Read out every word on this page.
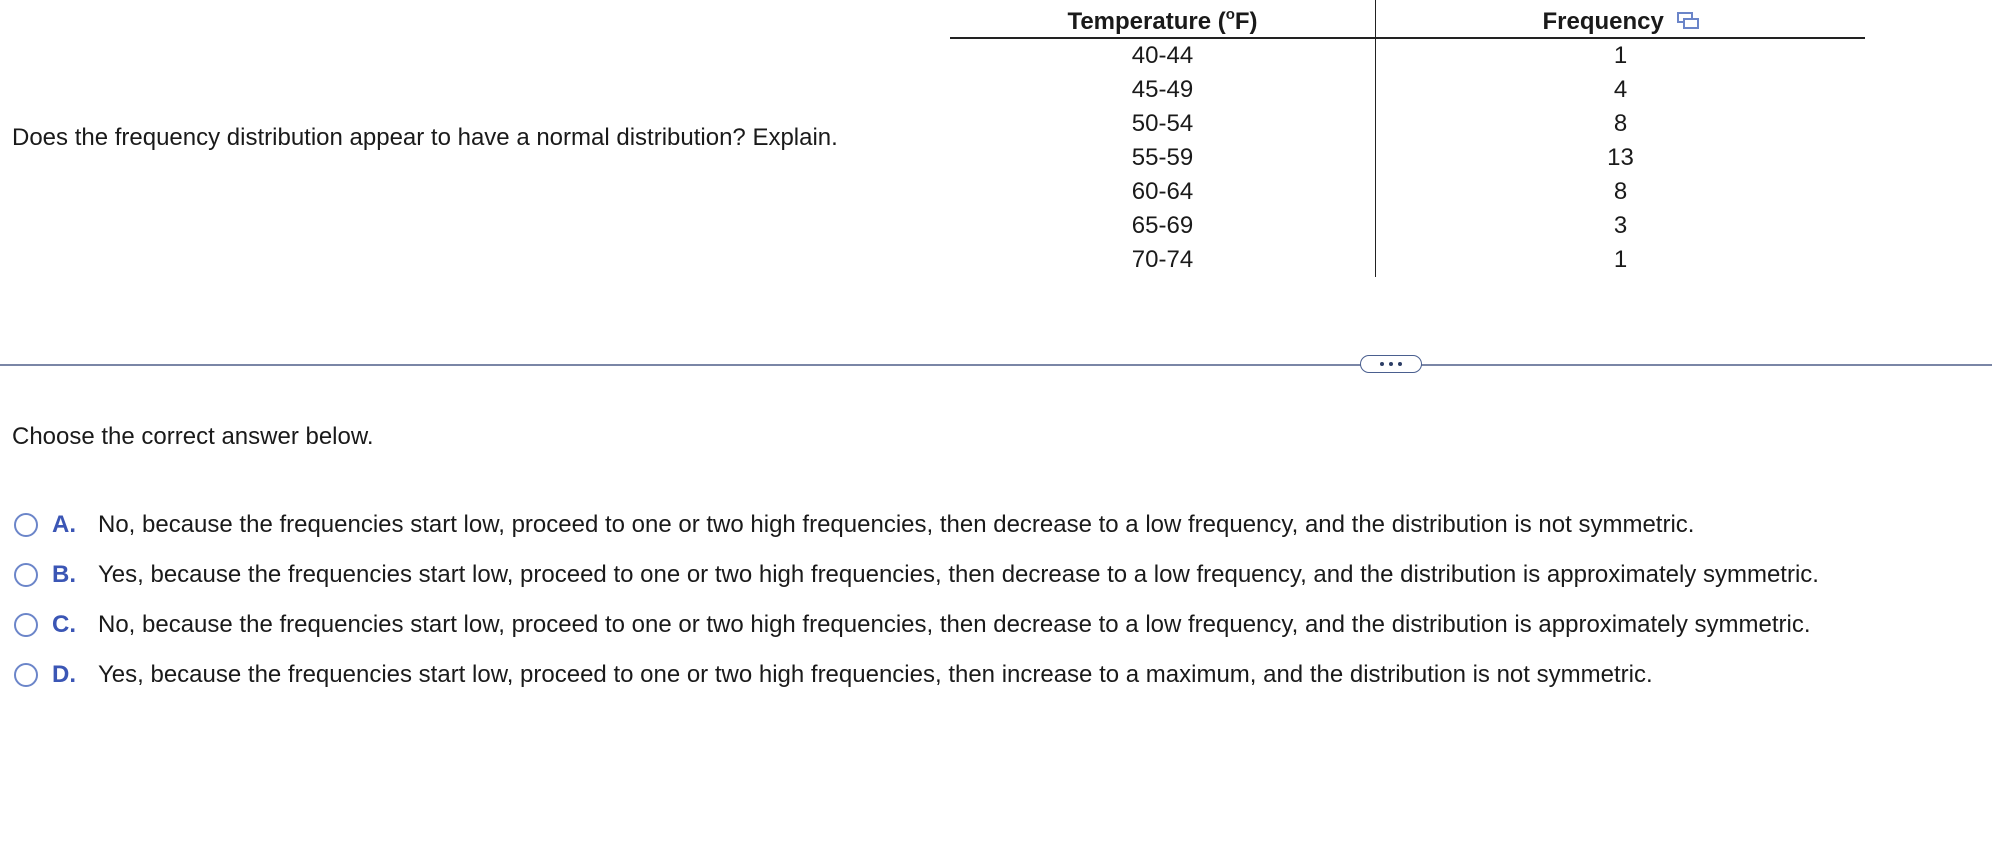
Does the frequency distribution appear to have a normal distribution? Explain.
Temperature ($^o$F)	Frequency
40-44	1
45-49	4
50-54	8
55-59	13
60-64	8
65-69	3
70-74	1
Choose the correct answer below.
A. No, because the frequencies start low, proceed to one or two high frequencies, then decrease to a low frequency, and the distribution is not symmetric.
B. Yes, because the frequencies start low, proceed to one or two high frequencies, then decrease to a low frequency, and the distribution is approximately symmetric.
C. No, because the frequencies start low, proceed to one or two high frequencies, then decrease to a low frequency, and the distribution is approximately symmetric.
D. Yes, because the frequencies start low, proceed to one or two high frequencies, then increase to a maximum, and the distribution is not symmetric.
